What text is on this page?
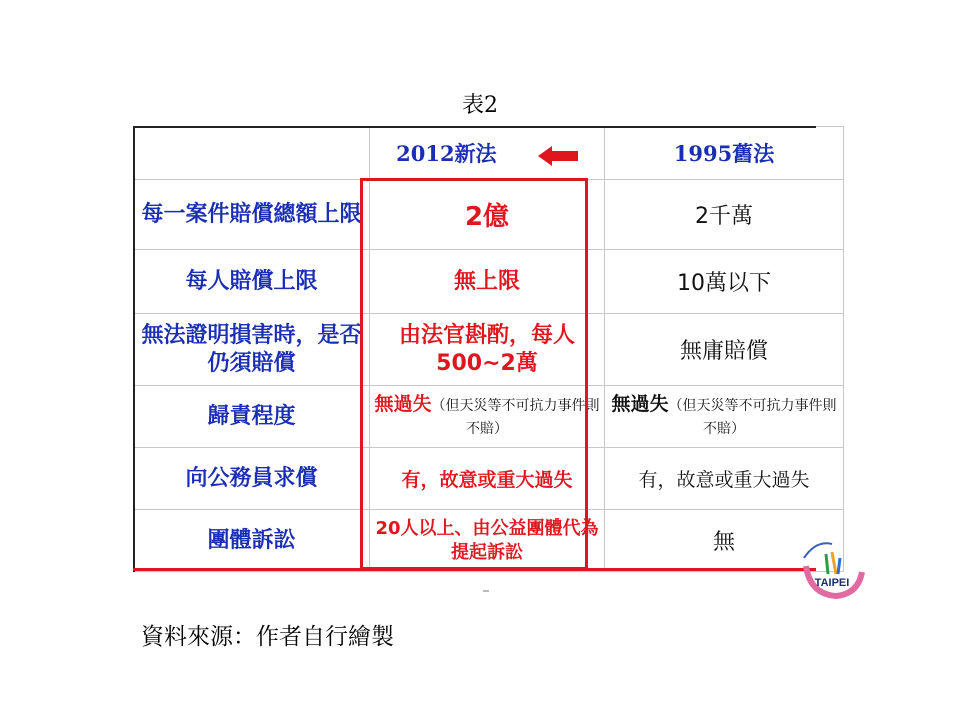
表2
	2012新法	1995舊法
每一案件賠償總額上限	2億	2千萬
每人賠償上限	無上限	10萬以下
無法證明損害時，是否仍須賠償	由法官斟酌，每人500~2萬	無庸賠償
歸責程度	無過失（但天災等不可抗力事件則不賠）	無過失（但天災等不可抗力事件則不賠）
向公務員求償	有，故意或重大過失	有，故意或重大過失
團體訴訟	20人以上、由公益團體代為提起訴訟	無
TAIPEI
資料來源：作者自行繪製
